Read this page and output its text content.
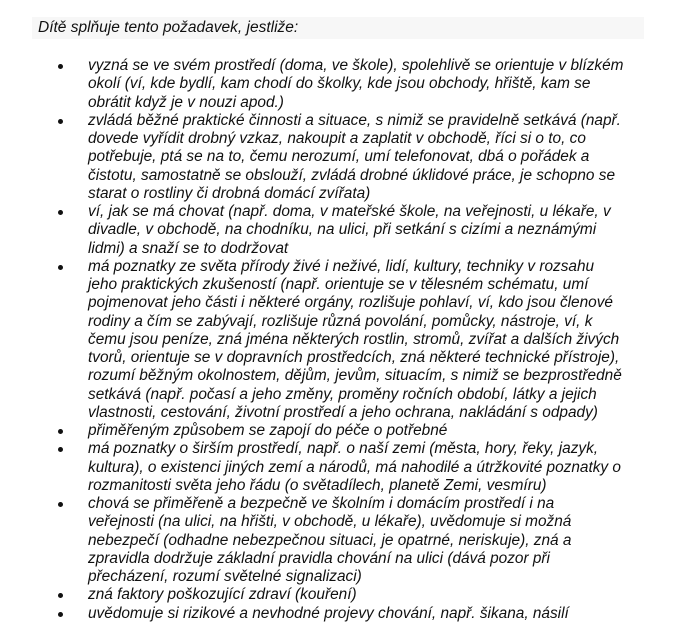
Dítě splňuje tento požadavek, jestliže:
vyzná se ve svém prostředí (doma, ve škole), spolehlivě se orientuje v blízkém
okolí (ví, kde bydlí, kam chodí do školky, kde jsou obchody, hřiště, kam se
obrátit když je v nouzi apod.)
zvládá běžné praktické činnosti a situace, s nimiž se pravidelně setkává (např.
dovede vyřídit drobný vzkaz, nakoupit a zaplatit v obchodě, říci si o to, co
potřebuje, ptá se na to, čemu nerozumí, umí telefonovat, dbá o pořádek a
čistotu, samostatně se obslouží, zvládá drobné úklidové práce, je schopno se
starat o rostliny či drobná domácí zvířata)
ví, jak se má chovat (např. doma, v mateřské škole, na veřejnosti, u lékaře, v
divadle, v obchodě, na chodníku, na ulici, při setkání s cizími a neznámými
lidmi) a snaží se to dodržovat
má poznatky ze světa přírody živé i neživé, lidí, kultury, techniky v rozsahu
jeho praktických zkušeností (např. orientuje se v tělesném schématu, umí
pojmenovat jeho části i některé orgány, rozlišuje pohlaví, ví, kdo jsou členové
rodiny a čím se zabývají, rozlišuje různá povolání, pomůcky, nástroje, ví, k
čemu jsou peníze, zná jména některých rostlin, stromů, zvířat a dalších živých
tvorů, orientuje se v dopravních prostředcích, zná některé technické přístroje),
rozumí běžným okolnostem, dějům, jevům, situacím, s nimiž se bezprostředně
setkává (např. počasí a jeho změny, proměny ročních období, látky a jejich
vlastnosti, cestování, životní prostředí a jeho ochrana, nakládání s odpady)
přiměřeným způsobem se zapojí do péče o potřebné
má poznatky o širším prostředí, např. o naší zemi (města, hory, řeky, jazyk,
kultura), o existenci jiných zemí a národů, má nahodilé a útržkovité poznatky o
rozmanitosti světa jeho řádu (o světadílech, planetě Zemi, vesmíru)
chová se přiměřeně a bezpečně ve školním i domácím prostředí i na
veřejnosti (na ulici, na hřišti, v obchodě, u lékaře), uvědomuje si možná
nebezpečí (odhadne nebezpečnou situaci, je opatrné, neriskuje), zná a
zpravidla dodržuje základní pravidla chování na ulici (dává pozor při
přecházení, rozumí světelné signalizaci)
zná faktory poškozující zdraví (kouření)
uvědomuje si rizikové a nevhodné projevy chování, např. šikana, násilí
